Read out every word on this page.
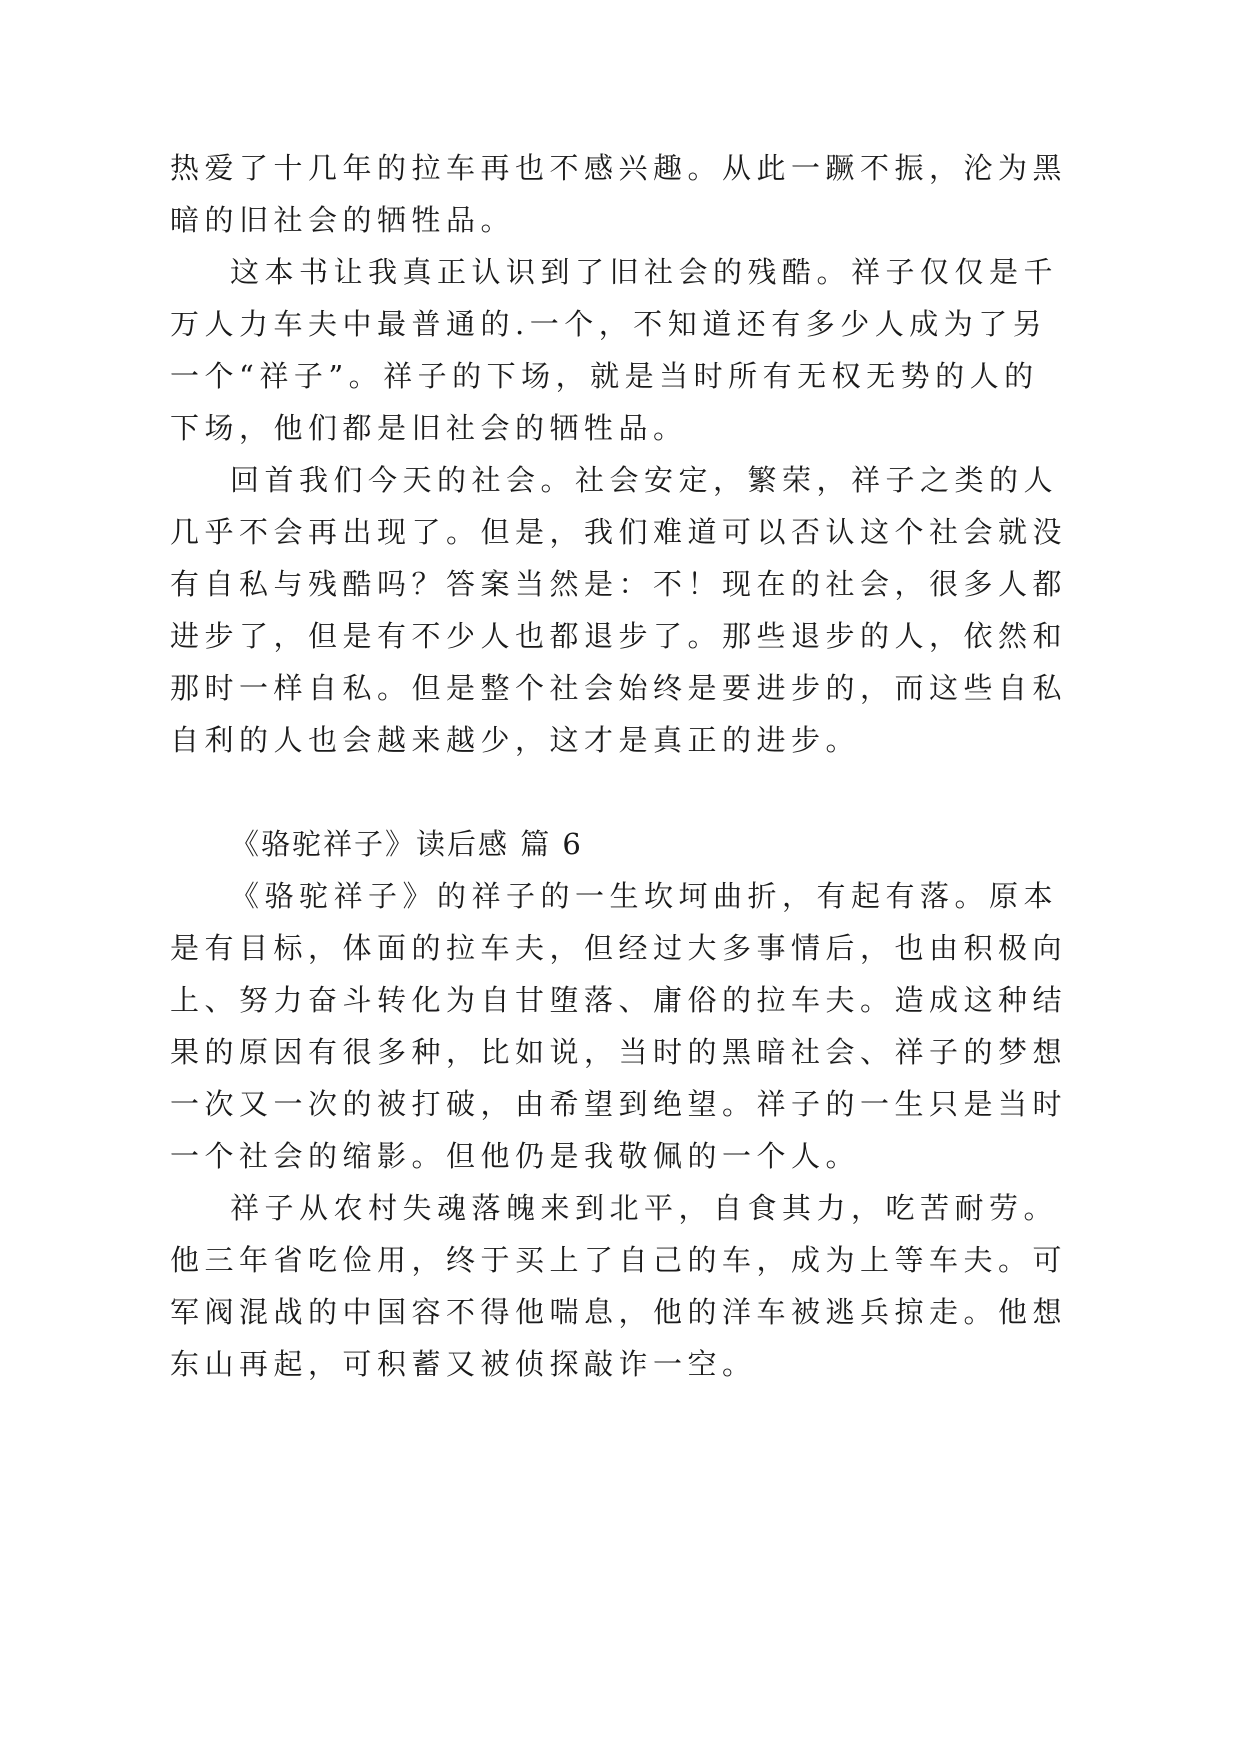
热爱了十几年的拉车再也不感兴趣。从此一蹶不振，沦为黑
暗的旧社会的牺牲品。
这本书让我真正认识到了旧社会的残酷。祥子仅仅是千
万人力车夫中最普通的.一个，不知道还有多少人成为了另
一个“祥子”。祥子的下场，就是当时所有无权无势的人的
下场，他们都是旧社会的牺牲品。
回首我们今天的社会。社会安定，繁荣，祥子之类的人
几乎不会再出现了。但是，我们难道可以否认这个社会就没
有自私与残酷吗？答案当然是：不！现在的社会，很多人都
进步了，但是有不少人也都退步了。那些退步的人，依然和
那时一样自私。但是整个社会始终是要进步的，而这些自私
自利的人也会越来越少，这才是真正的进步。
《骆驼祥子》读后感 篇 6
《骆驼祥子》的祥子的一生坎坷曲折，有起有落。原本
是有目标，体面的拉车夫，但经过大多事情后，也由积极向
上、努力奋斗转化为自甘堕落、庸俗的拉车夫。造成这种结
果的原因有很多种，比如说，当时的黑暗社会、祥子的梦想
一次又一次的被打破，由希望到绝望。祥子的一生只是当时
一个社会的缩影。但他仍是我敬佩的一个人。
祥子从农村失魂落魄来到北平，自食其力，吃苦耐劳。
他三年省吃俭用，终于买上了自己的车，成为上等车夫。可
军阀混战的中国容不得他喘息，他的洋车被逃兵掠走。他想
东山再起，可积蓄又被侦探敲诈一空。
